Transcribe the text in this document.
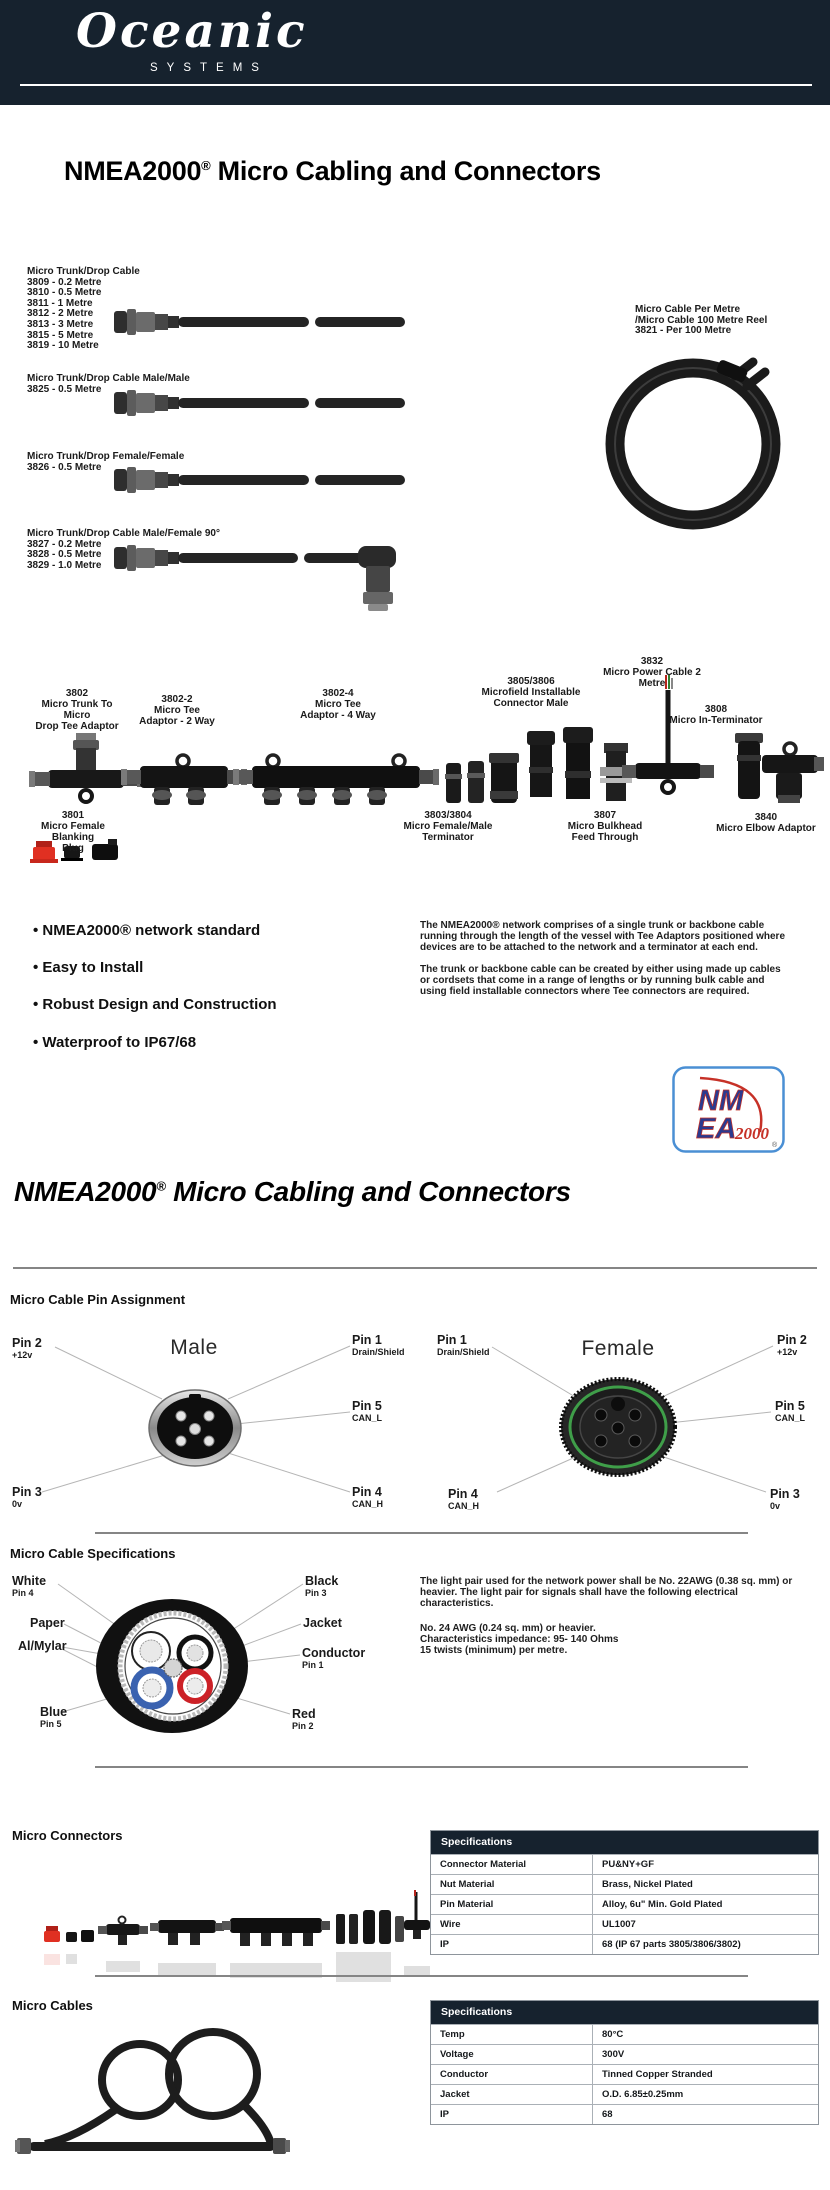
Oceanic
SYSTEMS
NMEA2000® Micro Cabling and Connectors
Micro Trunk/Drop Cable
3809 - 0.2 Metre
3810 - 0.5 Metre
3811 - 1 Metre
3812 - 2 Metre
3813 - 3 Metre
3815 - 5 Metre
3819 - 10 Metre
Micro Trunk/Drop Cable Male/Male
3825 - 0.5 Metre
Micro Trunk/Drop Female/Female
3826 - 0.5 Metre
Micro Trunk/Drop Cable Male/Female 90°
3827 - 0.2 Metre
3828 - 0.5 Metre
3829 - 1.0 Metre
Micro Cable Per Metre
/Micro Cable 100 Metre Reel
3821 - Per 100 Metre
3802
Micro Trunk To Micro
Drop Tee Adaptor
3802-2
Micro Tee
Adaptor - 2 Way
3802-4
Micro Tee
Adaptor - 4 Way
3805/3806
Microfield Installable
Connector Male
3832
Micro Power Cable 2
Metre
3808
Micro In-Terminator
3801
Micro Female Blanking
Plug
3803/3804
Micro Female/Male
Terminator
3807
Micro Bulkhead
Feed Through
3840
Micro Elbow Adaptor
• NMEA2000® network standard
• Easy to Install
• Robust Design and Construction
• Waterproof to IP67/68

The NMEA2000® network comprises of a single trunk or backbone cable running through the length of the vessel with Tee Adaptors positioned where devices are to be attached to the network and a terminator at each end.

The trunk or backbone cable can be created by either using made up cables or cordsets that come in a range of lengths or by running bulk cable and using field installable connectors where Tee connectors are required.

NM
EA
2000
®
NMEA2000® Micro Cabling and Connectors
Micro Cable Pin Assignment
Male	Female
Pin 2
+12v
Pin 1
Drain/Shield
Pin 5
CAN_L
Pin 3
0v
Pin 4
CAN_H
Pin 1
Drain/Shield
Pin 2
+12v
Pin 5
CAN_L
Pin 4
CAN_H
Pin 3
0v
Micro Cable Specifications
White
Pin 4
Black
Pin 3
Paper	Jacket
Al/Mylar	Conductor
Pin 1
Blue
Pin 5
Red
Pin 2

The light pair used for the network power shall be No. 22AWG (0.38 sq. mm) or heavier. The light pair for signals shall have the following electrical characteristics.

No. 24 AWG (0.24 sq. mm) or heavier.
Characteristics impedance: 95- 140 Ohms
15 twists (minimum) per metre.
Micro Connectors	Specifications
Connector Material	PU&NY+GF
Nut Material	Brass, Nickel Plated
Pin Material	Alloy, 6u" Min. Gold Plated
Wire	UL1007
IP	68 (IP 67 parts 3805/3806/3802)
Micro Cables	Specifications
Temp	80°C
Voltage	300V
Conductor	Tinned Copper Stranded
Jacket	O.D. 6.85±0.25mm
IP	68
